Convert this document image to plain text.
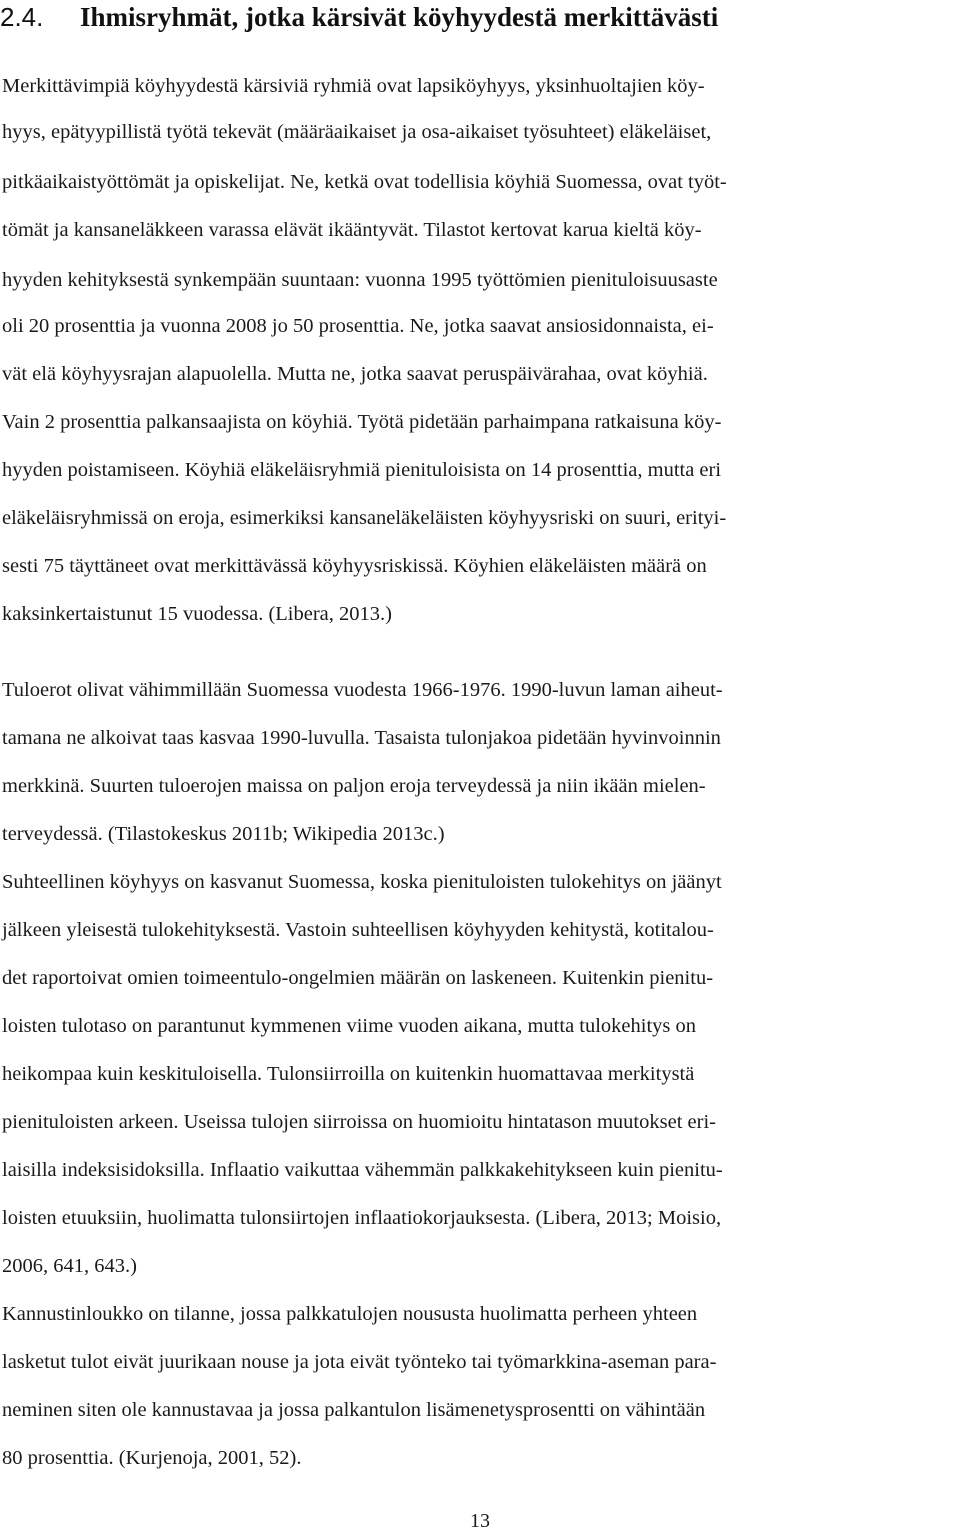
2.4. Ihmisryhmät, jotka kärsivät köyhyydestä merkittävästi
Merkittävimpiä köyhyydestä kärsiviä ryhmiä ovat lapsiköyhyys, yksinhuoltajien köy-
hyys, epätyypillistä työtä tekevät (määräaikaiset ja osa-aikaiset työsuhteet) eläkeläiset,
pitkäaikaistyöttömät ja opiskelijat. Ne, ketkä ovat todellisia köyhiä Suomessa, ovat työt-
tömät ja kansaneläkkeen varassa elävät ikääntyvät. Tilastot kertovat karua kieltä köy-
hyyden kehityksestä synkempään suuntaan: vuonna 1995 työttömien pienituloisuusaste
oli 20 prosenttia ja vuonna 2008 jo 50 prosenttia. Ne, jotka saavat ansiosidonnaista, ei-
vät elä köyhyysrajan alapuolella. Mutta ne, jotka saavat peruspäivärahaa, ovat köyhiä.
Vain 2 prosenttia palkansaajista on köyhiä. Työtä pidetään parhaimpana ratkaisuna köy-
hyyden poistamiseen. Köyhiä eläkeläisryhmiä pienituloisista on 14 prosenttia, mutta eri
eläkeläisryhmissä on eroja, esimerkiksi kansaneläkeläisten köyhyysriski on suuri, erityi-
sesti 75 täyttäneet ovat merkittävässä köyhyysriskissä. Köyhien eläkeläisten määrä on
kaksinkertaistunut 15 vuodessa. (Libera, 2013.)
Tuloerot olivat vähimmillään Suomessa vuodesta 1966-1976. 1990-luvun laman aiheut-
tamana ne alkoivat taas kasvaa 1990-luvulla. Tasaista tulonjakoa pidetään hyvinvoinnin
merkkinä. Suurten tuloerojen maissa on paljon eroja terveydessä ja niin ikään mielen-
terveydessä. (Tilastokeskus 2011b; Wikipedia 2013c.)
Suhteellinen köyhyys on kasvanut Suomessa, koska pienituloisten tulokehitys on jäänyt
jälkeen yleisestä tulokehityksestä. Vastoin suhteellisen köyhyyden kehitystä, kotitalou-
det raportoivat omien toimeentulo-ongelmien määrän on laskeneen. Kuitenkin pienitu-
loisten tulotaso on parantunut kymmenen viime vuoden aikana, mutta tulokehitys on
heikompaa kuin keskituloisella. Tulonsiirroilla on kuitenkin huomattavaa merkitystä
pienituloisten arkeen. Useissa tulojen siirroissa on huomioitu hintatason muutokset eri-
laisilla indeksisidoksilla. Inflaatio vaikuttaa vähemmän palkkakehitykseen kuin pienitu-
loisten etuuksiin, huolimatta tulonsiirtojen inflaatiokorjauksesta. (Libera, 2013; Moisio,
2006, 641, 643.)
Kannustinloukko on tilanne, jossa palkkatulojen noususta huolimatta perheen yhteen
lasketut tulot eivät juurikaan nouse ja jota eivät työnteko tai työmarkkina-aseman para-
neminen siten ole kannustavaa ja jossa palkantulon lisämenetysprosentti on vähintään
80 prosenttia. (Kurjenoja, 2001, 52).
13
